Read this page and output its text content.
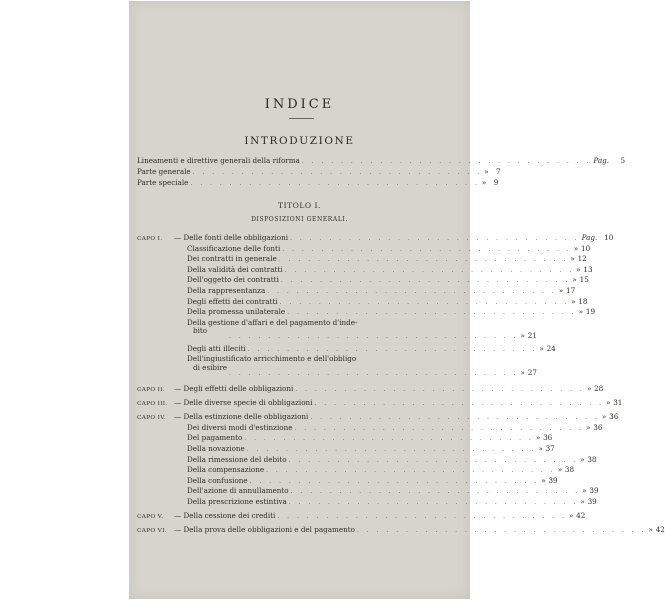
INDICE
INTRODUZIONE
Lineamenti e direttive generali della riforma . . . . . . . . . . . . . . . . . . . . . . . . . . . . . . Pag.	5
Parte generale . . . . . . . . . . . . . . . . . . . . . . . . . . . . . . »	7
Parte speciale . . . . . . . . . . . . . . . . . . . . . . . . . . . . . . »	9
TITOLO I.
DISPOSIZIONI GENERALI.
CAPO I.	— Delle fonti delle obbligazioni . . . . . . . . . . . . . . . . . . . . . . . . . . . . . . Pag. 10
Classificazione delle fonti . . . . . . . . . . . . . . . . . . . . . . . . . . . . . . » 10
Dei contratti in generale . . . . . . . . . . . . . . . . . . . . . . . . . . . . . . » 12
Della validità dei contratti . . . . . . . . . . . . . . . . . . . . . . . . . . . . . . » 13
Dell'oggetto dei contratti . . . . . . . . . . . . . . . . . . . . . . . . . . . . . . » 15
Della rappresentanza . . . . . . . . . . . . . . . . . . . . . . . . . . . . . . » 17
Degli effetti dei contratti . . . . . . . . . . . . . . . . . . . . . . . . . . . . . . » 18
Della promessa unilaterale . . . . . . . . . . . . . . . . . . . . . . . . . . . . . . » 19
Della gestione d'affari e del pagamento d'inde-
bito
. . . . . . . . . . . . . . . . . . . . . . . . . . . . . . » 21
Degli atti illeciti . . . . . . . . . . . . . . . . . . . . . . . . . . . . . . » 24
Dell'ingiustificato arricchimento e dell'obbligo
di esibire
. . . . . . . . . . . . . . . . . . . . . . . . . . . . . . » 27
CAPO II.	— Degli effetti delle obbligazioni . . . . . . . . . . . . . . . . . . . . . . . . . . . . . . » 28
CAPO III. — Delle diverse specie di obbligazioni . . . . . . . . . . . . . . . . . . . . . . . . . . . . . . » 31
CAPO IV.	— Della estinzione delle obbligazioni . . . . . . . . . . . . . . . . . . . . . . . . . . . . . . » 36
Dei diversi modi d'estinzione . . . . . . . . . . . . . . . . . . . . . . . . . . . . . . » 36
Del pagamento . . . . . . . . . . . . . . . . . . . . . . . . . . . . . . » 36
Della novazione . . . . . . . . . . . . . . . . . . . . . . . . . . . . . . » 37
Della rimessione del debito . . . . . . . . . . . . . . . . . . . . . . . . . . . . . . » 38
Della compensazione . . . . . . . . . . . . . . . . . . . . . . . . . . . . . . » 38
Della confusione . . . . . . . . . . . . . . . . . . . . . . . . . . . . . . » 39
Dell'azione di annullamento . . . . . . . . . . . . . . . . . . . . . . . . . . . . . . » 39
Della prescrizione estintiva . . . . . . . . . . . . . . . . . . . . . . . . . . . . . . » 39
CAPO V.	— Della cessione dei crediti . . . . . . . . . . . . . . . . . . . . . . . . . . . . . . » 42
CAPO VI. — Della prova delle obbligazioni e del pagamento . . . . . . . . . . . . . . . . . . . . . . . . . . . . . . » 42
